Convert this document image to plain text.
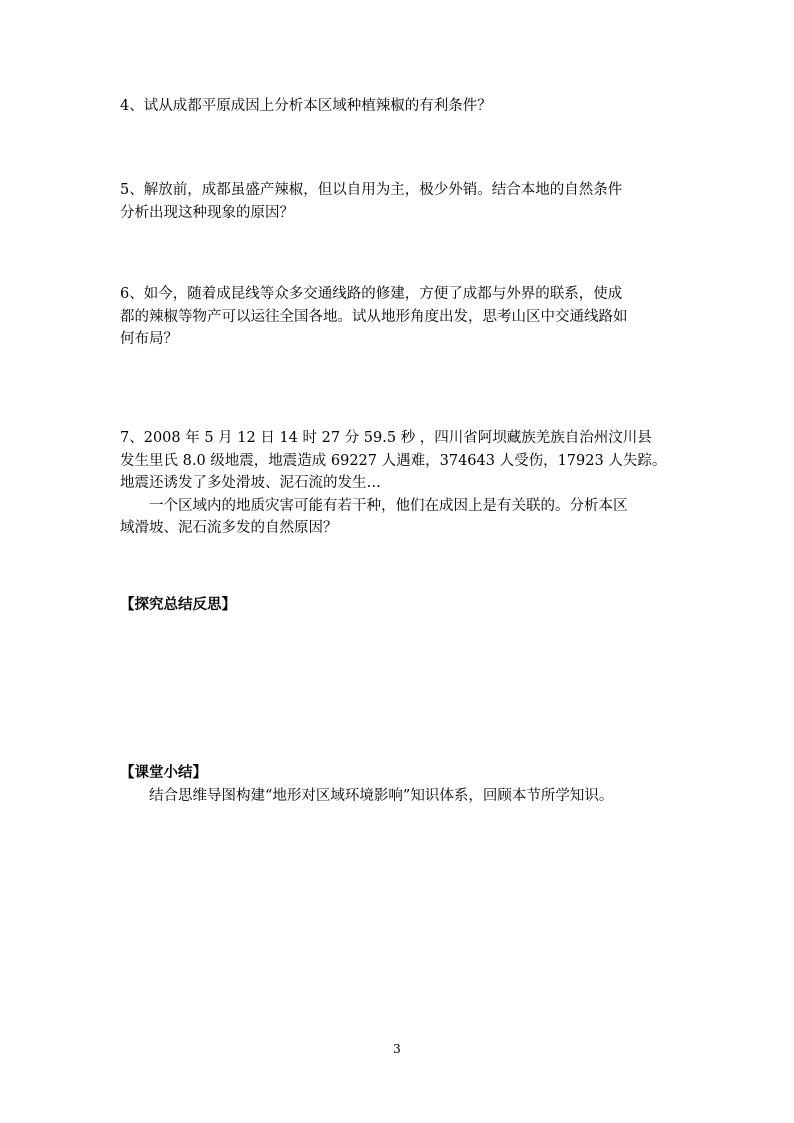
4、试从成都平原成因上分析本区域种植辣椒的有利条件？
5、解放前，成都虽盛产辣椒，但以自用为主，极少外销。结合本地的自然条件
分析出现这种现象的原因？
6、如今，随着成昆线等众多交通线路的修建，方便了成都与外界的联系，使成
都的辣椒等物产可以运往全国各地。试从地形角度出发，思考山区中交通线路如
何布局？
7、2008 年 5 月 12 日 14 时 27 分 59.5 秒 ，四川省阿坝藏族羌族自治州汶川县
发生里氏 8.0 级地震，地震造成 69227 人遇难，374643 人受伤，17923 人失踪。
地震还诱发了多处滑坡、泥石流的发生…
一个区域内的地质灾害可能有若干种，他们在成因上是有关联的。分析本区
域滑坡、泥石流多发的自然原因？
【探究总结反思】
【课堂小结】
结合思维导图构建“地形对区域环境影响”知识体系，回顾本节所学知识。
3
